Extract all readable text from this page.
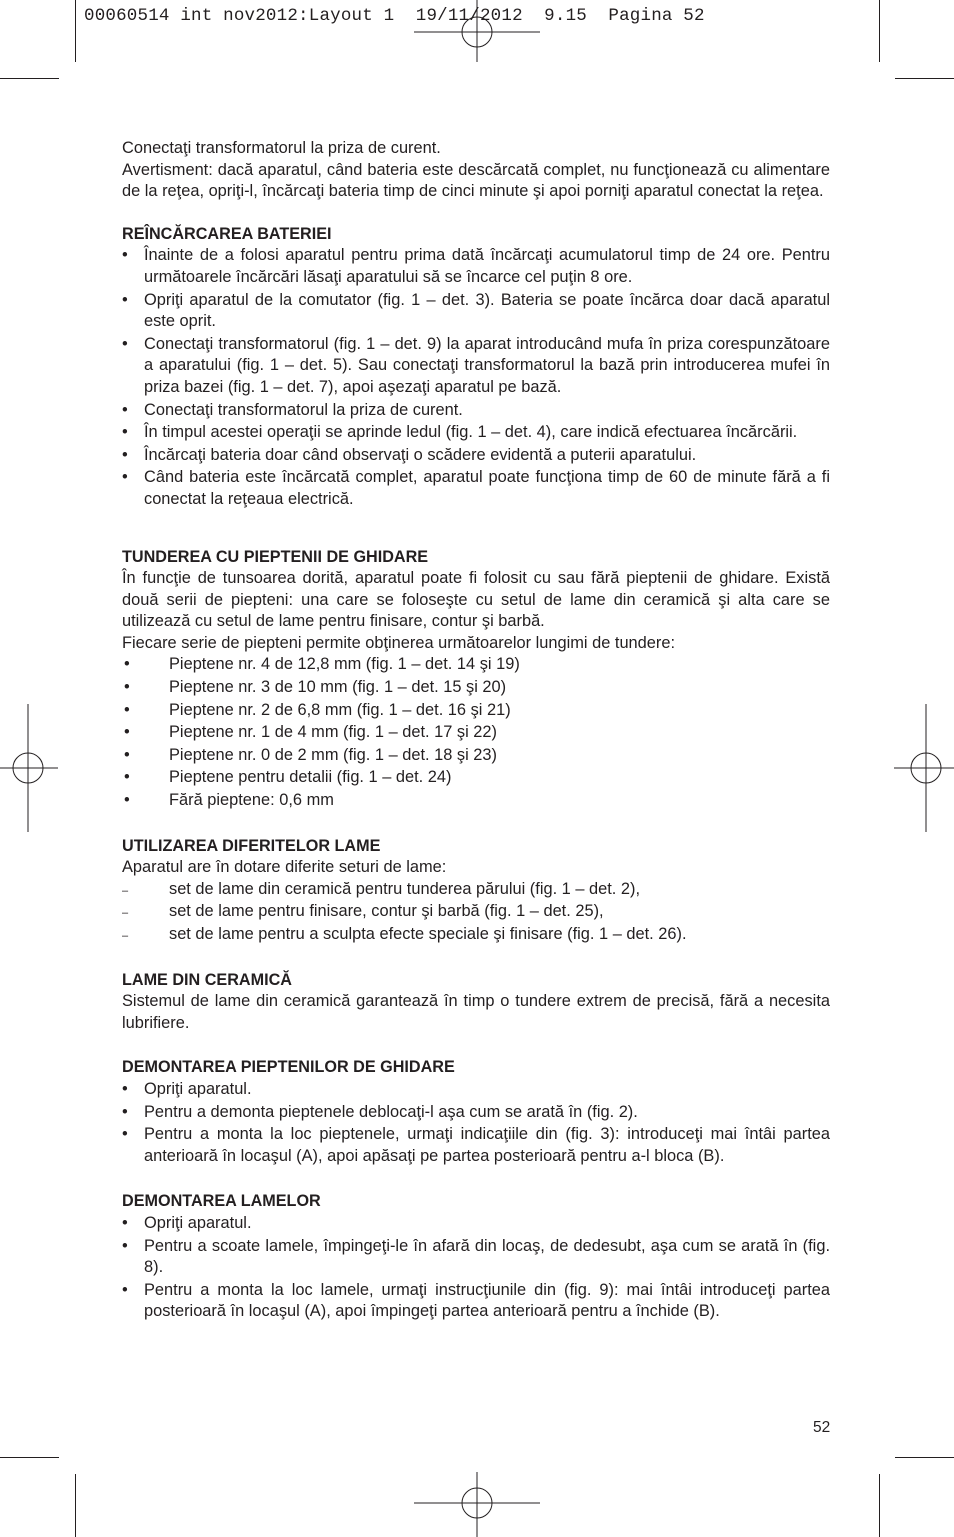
00060514 int nov2012:Layout 1  19/11/2012  9.15  Pagina 52

Conectaţi transformatorul la priza de curent.

Avertisment: dacă aparatul, când bateria este descărcată complet, nu funcţionează cu alimentare de la reţea, opriţi-l, încărcaţi bateria timp de cinci minute şi apoi porniţi aparatul conectat la reţea.

REÎNCĂRCAREA BATERIEI
• Înainte de a folosi aparatul pentru prima dată încărcaţi acumulatorul timp de 24 ore. Pentru următoarele încărcări lăsaţi aparatului să se încarce cel puţin 8 ore.
• Opriţi aparatul de la comutator (fig. 1 – det. 3). Bateria se poate încărca doar dacă aparatul este oprit.
• Conectaţi transformatorul (fig. 1 – det. 9) la aparat introducând mufa în priza corespunzătoare a aparatului (fig. 1 – det. 5). Sau conectaţi transformatorul la bază prin introducerea mufei în priza bazei (fig. 1 – det. 7), apoi aşezaţi aparatul pe bază.
• Conectaţi transformatorul la priza de curent.
• În timpul acestei operaţii se aprinde ledul (fig. 1 – det. 4), care indică efectuarea încărcării.
• Încărcaţi bateria doar când observaţi o scădere evidentă a puterii aparatului.
• Când bateria este încărcată complet, aparatul poate funcţiona timp de 60 de minute fără a fi conectat la reţeaua electrică.
TUNDEREA CU PIEPTENII DE GHIDARE

În funcţie de tunsoarea dorită, aparatul poate fi folosit cu sau fără pieptenii de ghidare. Există două serii de piepteni: una care se foloseşte cu setul de lame din ceramică şi alta care se utilizează cu setul de lame pentru finisare, contur şi barbă.

Fiecare serie de pieptenі permite obţinerea următoarelor lungimi de tundere:

• Pieptene nr. 4 de 12,8 mm (fig. 1 – det. 14 şi 19)
• Pieptene nr. 3 de 10 mm (fig. 1 – det. 15 şi 20)
• Pieptene nr. 2 de 6,8 mm (fig. 1 – det. 16 şi 21)
• Pieptene nr. 1 de 4 mm (fig. 1 – det. 17 şi 22)
• Pieptene nr. 0 de 2 mm (fig. 1 – det. 18 şi 23)
• Pieptene pentru detalii (fig. 1 – det. 24)
• Fără pieptene: 0,6 mm
UTILIZAREA DIFERITELOR LAME

Aparatul are în dotare diferite seturi de lame:

– set de lame din ceramică pentru tunderea părului (fig. 1 – det. 2),
– set de lame pentru finisare, contur şi barbă (fig. 1 – det. 25),
– set de lame pentru a sculpta efecte speciale şi finisare (fig. 1 – det. 26).
LAME DIN CERAMICĂ

Sistemul de lame din ceramică garantează în timp o tundere extrem de precisă, fără a necesita lubrifiere.

DEMONTAREA PIEPTENILOR DE GHIDARE
• Opriţi aparatul.
• Pentru a demonta pieptenele deblocaţi-l aşa cum se arată în (fig. 2).
• Pentru a monta la loc pieptenele, urmaţi indicaţiile din (fig. 3): introduceţi mai întâi partea anterioară în locaşul (A), apoi apăsaţi pe partea posterioară pentru a-l bloca (B).
DEMONTAREA LAMELOR
• Opriţi aparatul.
• Pentru a scoate lamele, împingeţi-le în afară din locaş, de dedesubt, aşa cum se arată în (fig. 8).
• Pentru a monta la loc lamele, urmaţi instrucţiunile din (fig. 9): mai întâi introduceţi partea posterioară în locaşul (A), apoi împingeţi partea anterioară pentru a închide (B).
52
